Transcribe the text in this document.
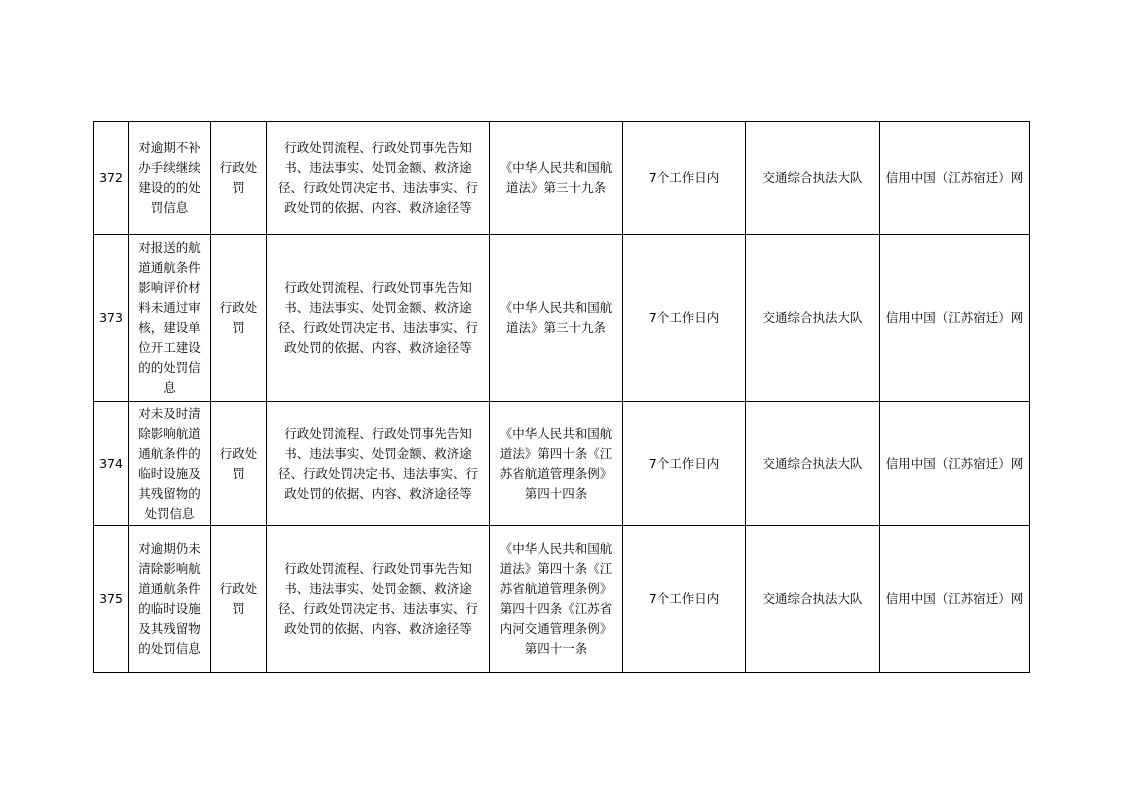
372	对逾期不补办手续继续建设的的处罚信息	行政处罚	行政处罚流程、行政处罚事先告知书、违法事实、处罚金额、救济途径、行政处罚决定书、违法事实、行政处罚的依据、内容、救济途径等	《中华人民共和国航道法》第三十九条	7个工作日内	交通综合执法大队	信用中国（江苏宿迁）网

373	对报送的航道通航条件影响评价材料未通过审核，建设单位开工建设的的处罚信息	行政处罚	行政处罚流程、行政处罚事先告知书、违法事实、处罚金额、救济途径、行政处罚决定书、违法事实、行政处罚的依据、内容、救济途径等	《中华人民共和国航道法》第三十九条	7个工作日内	交通综合执法大队	信用中国（江苏宿迁）网

374	对未及时清除影响航道通航条件的临时设施及其残留物的处罚信息	行政处罚	行政处罚流程、行政处罚事先告知书、违法事实、处罚金额、救济途径、行政处罚决定书、违法事实、行政处罚的依据、内容、救济途径等	《中华人民共和国航道法》第四十条《江苏省航道管理条例》第四十四条	7个工作日内	交通综合执法大队	信用中国（江苏宿迁）网

375	对逾期仍未清除影响航道通航条件的临时设施及其残留物的处罚信息	行政处罚	行政处罚流程、行政处罚事先告知书、违法事实、处罚金额、救济途径、行政处罚决定书、违法事实、行政处罚的依据、内容、救济途径等	《中华人民共和国航道法》第四十条《江苏省航道管理条例》第四十四条《江苏省内河交通管理条例》第四十一条	7个工作日内	交通综合执法大队	信用中国（江苏宿迁）网
